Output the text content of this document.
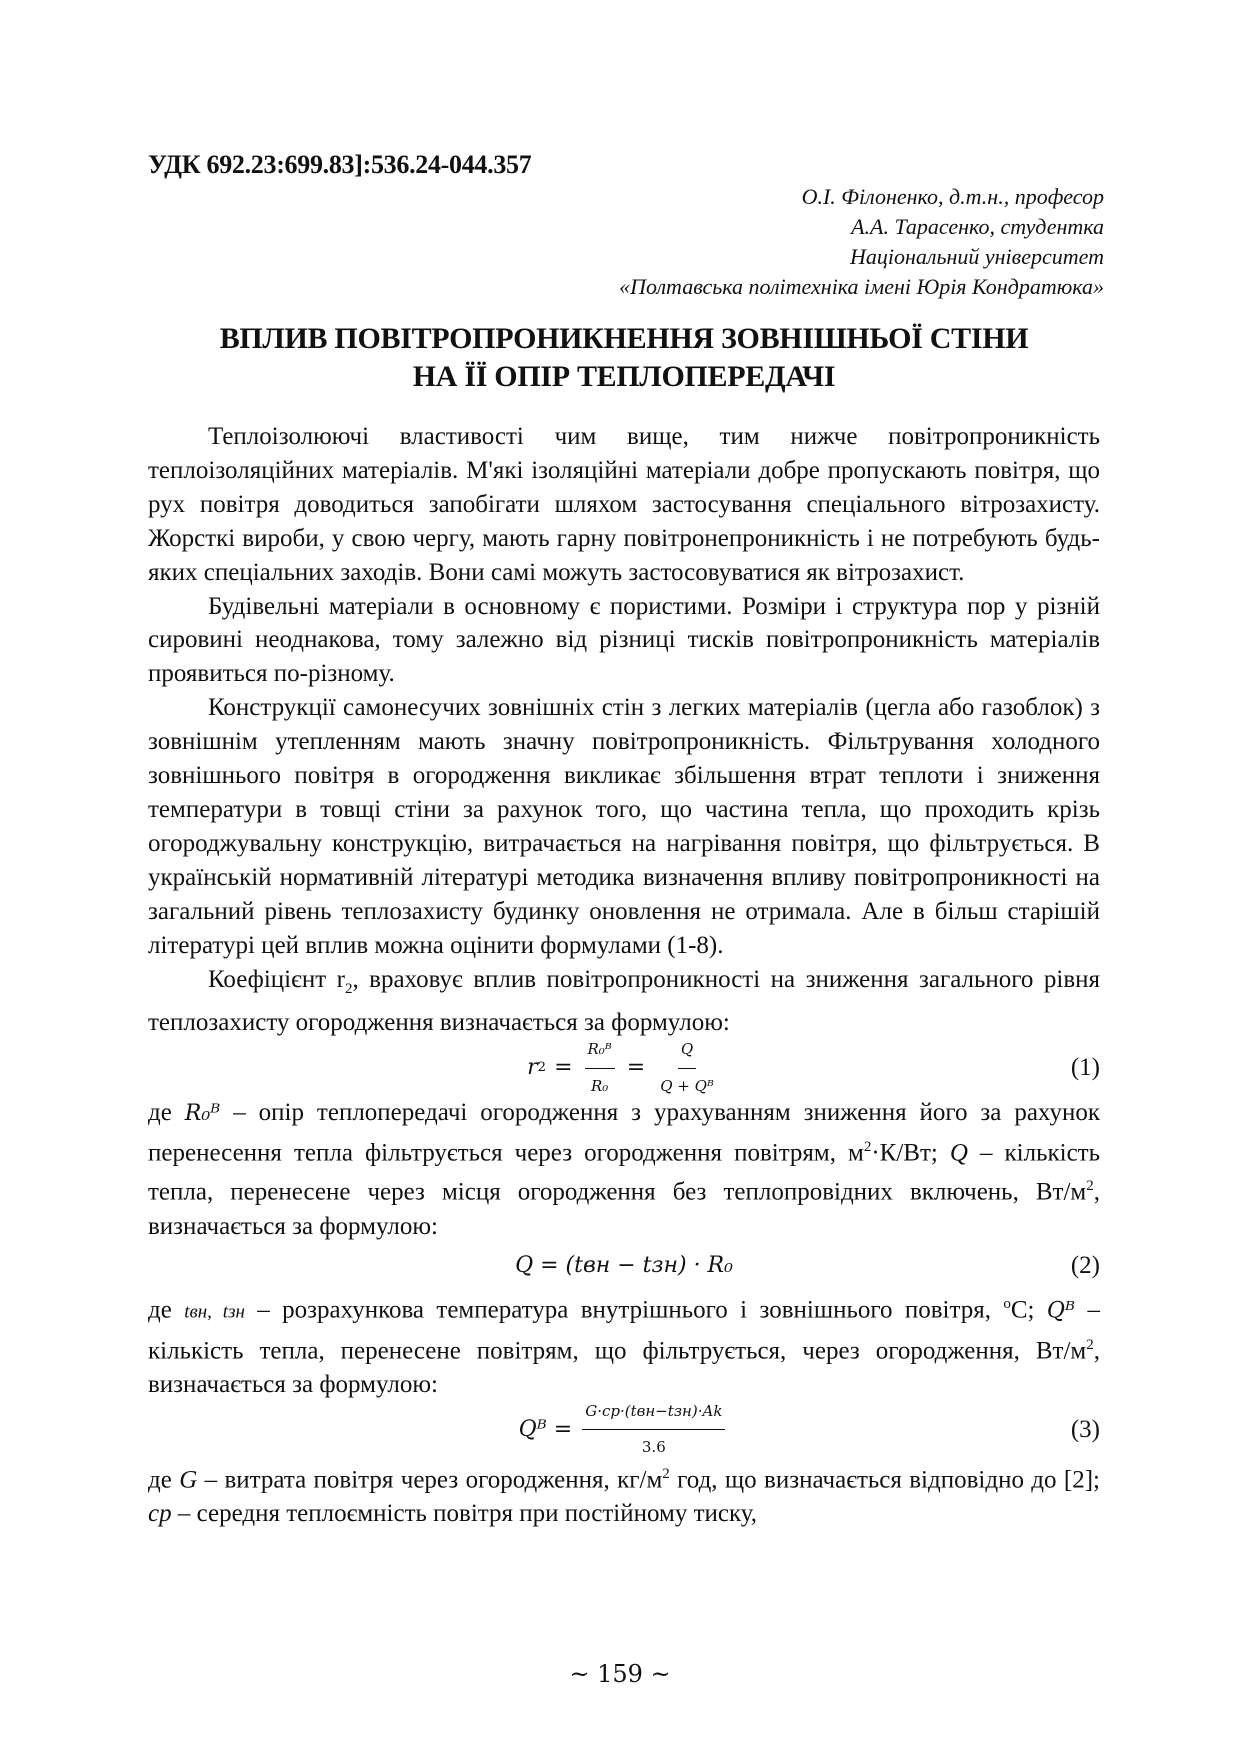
УДК 692.23:699.83]:536.24-044.357
О.І. Філоненко, д.т.н., професор
А.А. Тарасенко, студентка
Національний університет
«Полтавська політехніка імені Юрія Кондратюка»
ВПЛИВ ПОВІТРОПРОНИКНЕННЯ ЗОВНІШНЬОЇ СТІНИ
НА ЇЇ ОПІР ТЕПЛОПЕРЕДАЧІ

Теплоізолюючі властивості чим вище, тим нижче повітропроникність теплоізоляційних матеріалів. М'які ізоляційні матеріали добре пропускають повітря, що рух повітря доводиться запобігати шляхом застосування спеціального вітрозахисту. Жорсткі вироби, у свою чергу, мають гарну повітронепроникність і не потребують будь-яких спеціальних заходів. Вони самі можуть застосовуватися як вітрозахист.

Будівельні матеріали в основному є пористими. Розміри і структура пор у різній сировині неоднакова, тому залежно від різниці тисків повітропроникність матеріалів проявиться по-різному.

Конструкції самонесучих зовнішніх стін з легких матеріалів (цегла або газоблок) з зовнішнім утепленням мають значну повітропроникність. Фільтрування холодного зовнішнього повітря в огородження викликає збільшення втрат теплоти і зниження температури в товщі стіни за рахунок того, що частина тепла, що проходить крізь огороджувальну конструкцію, витрачається на нагрівання повітря, що фільтрується. В українській нормативній літературі методика визначення впливу повітропроникності на загальний рівень теплозахисту будинку оновлення не отримала. Але в більш старішій літературі цей вплив можна оцінити формулами (1-8).

Коефіцієнт $r_2$, враховує вплив повітропроникності на зниження загального рівня теплозахисту огородження визначається за формулою:

r $2 = \frac{\text{R₀ᴮ}}{\text{R₀}} = \frac{Q}{\text{Q + Qᴮ}}$	(1)

де R₀ᴮ – опір теплопередачі огородження з урахуванням зниження його за рахунок перенесення тепла фільтрується через огородження повітрям, $м^2\cdot К/Вт$; Q – кількість тепла, перенесене через місця огородження без теплопровідних включень, $Вт/м^2$, визначається за формулою:

Q = (tвн − tзн) · R₀	(2)

де tвн, tзн – розрахункова температура внутрішнього і зовнішнього повітря, $^о$С; Qᴮ – кількість тепла, перенесене повітрям, що фільтрується, через огородження, $Вт/м^2$, визначається за формулою:

Qᴮ = $\frac{\text{G·cp·(tвн−tзн)·Ak}}{3.6}$	(3)

де G – витрата повітря через огородження, $кг/м^2$ год, що визначається відповідно до [2]; cp – середня теплоємність повітря при постійному тиску,

~ 159 ~
